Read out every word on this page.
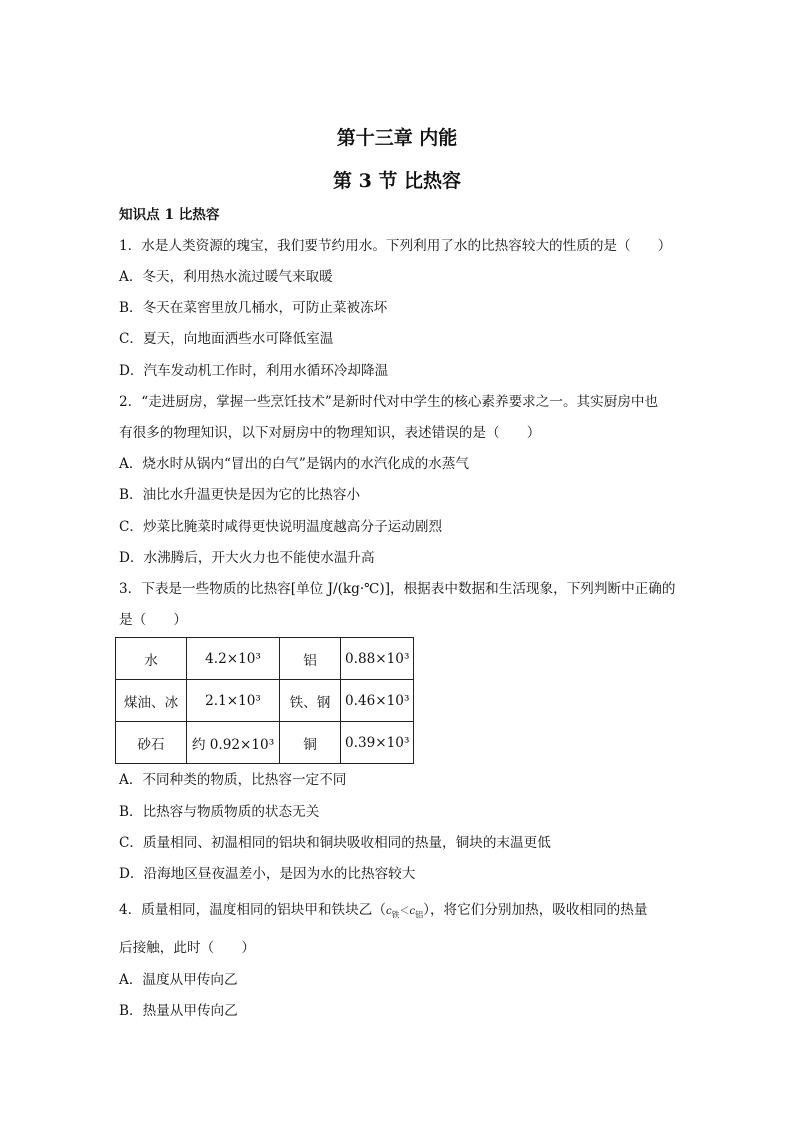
第十三章 内能
第 3 节 比热容
知识点 1 比热容
1．水是人类资源的瑰宝，我们要节约用水。下列利用了水的比热容较大的性质的是（　　）
A．冬天，利用热水流过暖气来取暖
B．冬天在菜窖里放几桶水，可防止菜被冻坏
C．夏天，向地面洒些水可降低室温
D．汽车发动机工作时，利用水循环冷却降温
2．“走进厨房，掌握一些烹饪技术”是新时代对中学生的核心素养要求之一。其实厨房中也
有很多的物理知识，以下对厨房中的物理知识，表述错误的是（　　）
A．烧水时从锅内“冒出的白气”是锅内的水汽化成的水蒸气
B．油比水升温更快是因为它的比热容小
C．炒菜比腌菜时咸得更快说明温度越高分子运动剧烈
D．水沸腾后，开大火力也不能使水温升高
3．下表是一些物质的比热容[单位 J/(kg·℃)]，根据表中数据和生活现象，下列判断中正确的
是（　　）
水	4.2×10³	铝	0.88×10³
煤油、冰	2.1×10³	铁、钢	0.46×10³
砂石	约 0.92×10³	铜	0.39×10³
A．不同种类的物质，比热容一定不同
B．比热容与物质物质的状态无关
C．质量相同、初温相同的铝块和铜块吸收相同的热量，铜块的末温更低
D．沿海地区昼夜温差小，是因为水的比热容较大
4．质量相同，温度相同的铝块甲和铁块乙$(c_铁<c_铝)$，将它们分别加热，吸收相同的热量
后接触，此时（　　）
A．温度从甲传向乙
B．热量从甲传向乙
